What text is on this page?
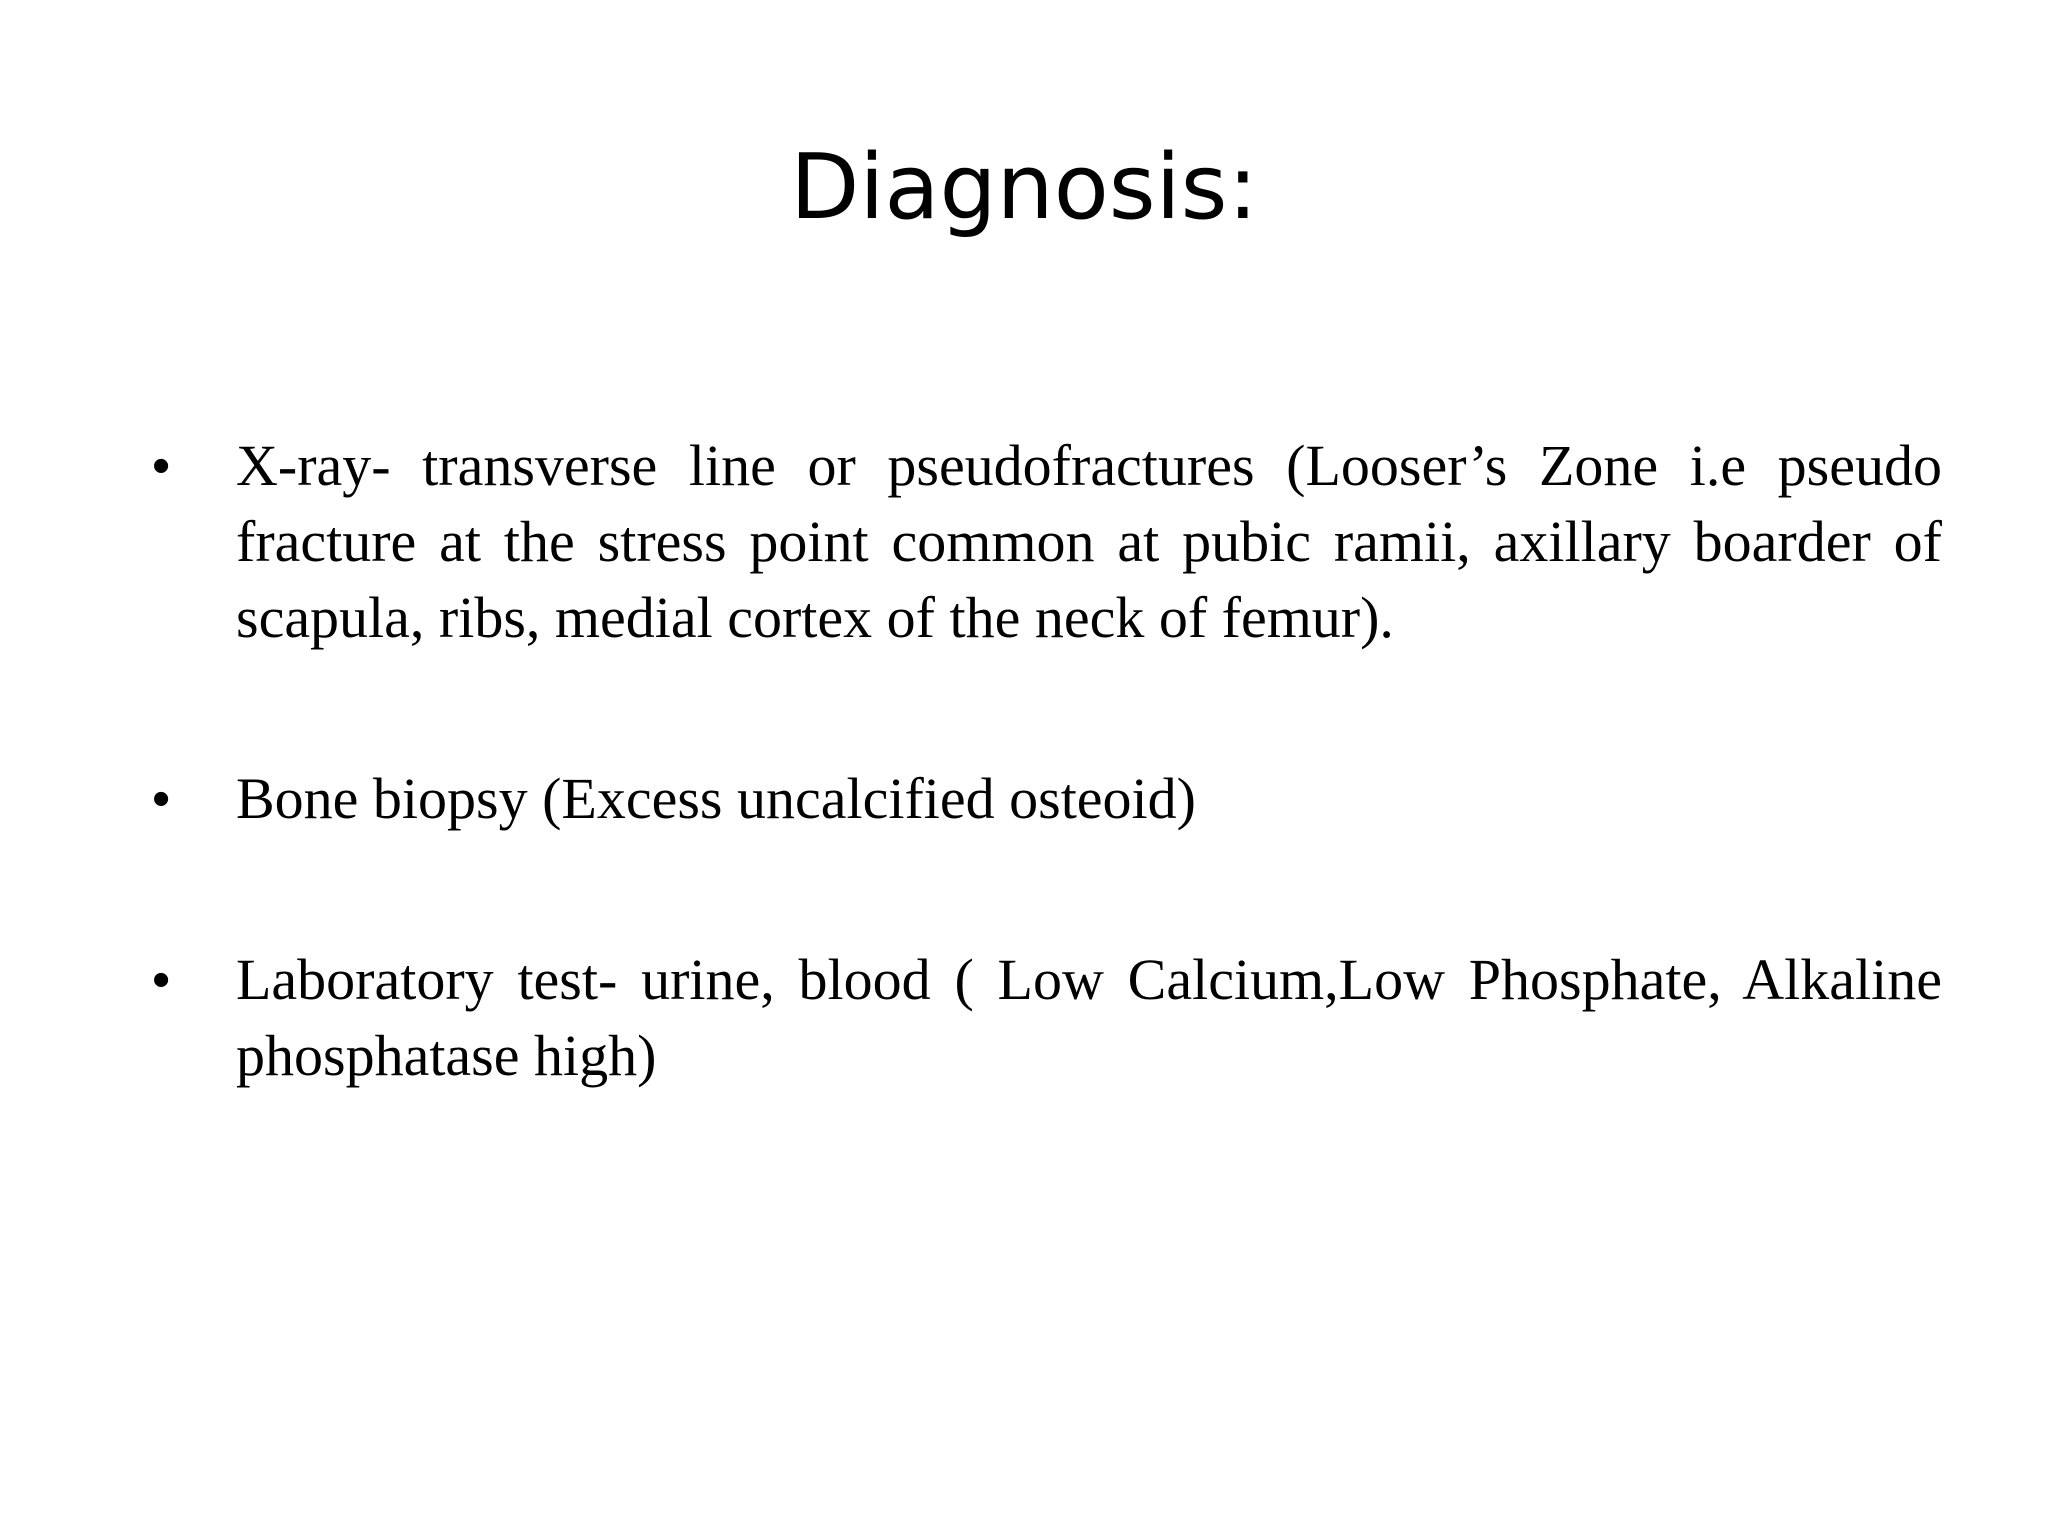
Diagnosis:
• X-ray- transverse line or pseudofractures (Looser’s Zone i.e pseudo fracture at the stress point common at pubic ramii, axillary boarder of scapula, ribs, medial cortex of the neck of femur).
• Bone biopsy (Excess uncalcified osteoid)
• Laboratory test- urine, blood ( Low Calcium,Low Phosphate, Alkaline phosphatase high)
